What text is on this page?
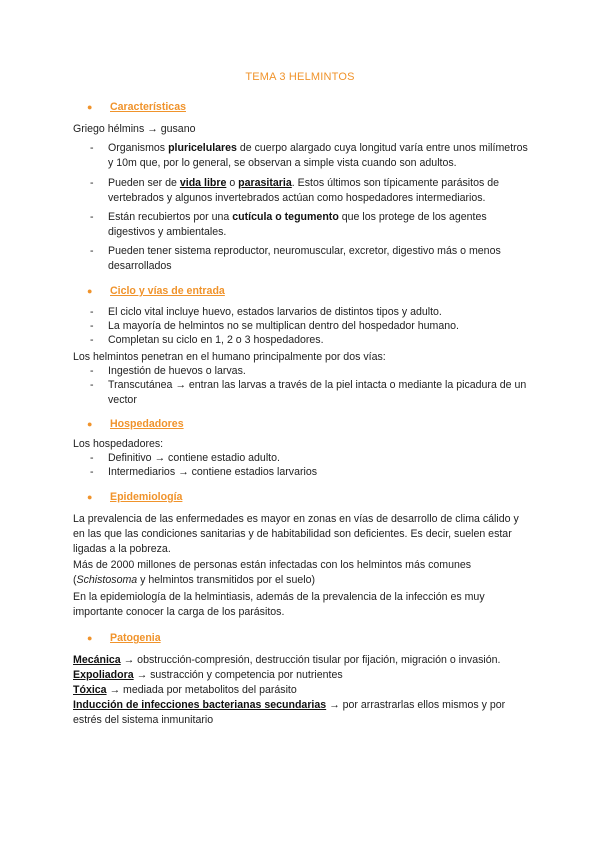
TEMA 3 HELMINTOS
● Características
Griego hélmins → gusano
- Organismos pluricelulares de cuerpo alargado cuya longitud varía entre unos milímetros y 10m que, por lo general, se observan a simple vista cuando son adultos.
- Pueden ser de vida libre o parasitaria. Estos últimos son típicamente parásitos de vertebrados y algunos invertebrados actúan como hospedadores intermediarios.
- Están recubiertos por una cutícula o tegumento que los protege de los agentes digestivos y ambientales.
- Pueden tener sistema reproductor, neuromuscular, excretor, digestivo más o menos desarrollados
● Ciclo y vías de entrada
- El ciclo vital incluye huevo, estados larvarios de distintos tipos y adulto.
- La mayoría de helmintos no se multiplican dentro del hospedador humano.
- Completan su ciclo en 1, 2 o 3 hospedadores.
Los helmintos penetran en el humano principalmente por dos vías:
- Ingestión de huevos o larvas.
- Transcutánea → entran las larvas a través de la piel intacta o mediante la picadura de un vector
● Hospedadores
Los hospedadores:
- Definitivo → contiene estadio adulto.
- Intermediarios → contiene estadios larvarios
● Epidemiología
La prevalencia de las enfermedades es mayor en zonas en vías de desarrollo de clima cálido y en las que las condiciones sanitarias y de habitabilidad son deficientes. Es decir, suelen estar ligadas a la pobreza.
Más de 2000 millones de personas están infectadas con los helmintos más comunes (Schistosoma y helmintos transmitidos por el suelo)
En la epidemiología de la helmintiasis, además de la prevalencia de la infección es muy importante conocer la carga de los parásitos.
● Patogenia
Mecánica → obstrucción-compresión, destrucción tisular por fijación, migración o invasión.
Expoliadora → sustracción y competencia por nutrientes
Tóxica → mediada por metabolitos del parásito
Inducción de infecciones bacterianas secundarias → por arrastrarlas ellos mismos y por estrés del sistema inmunitario
